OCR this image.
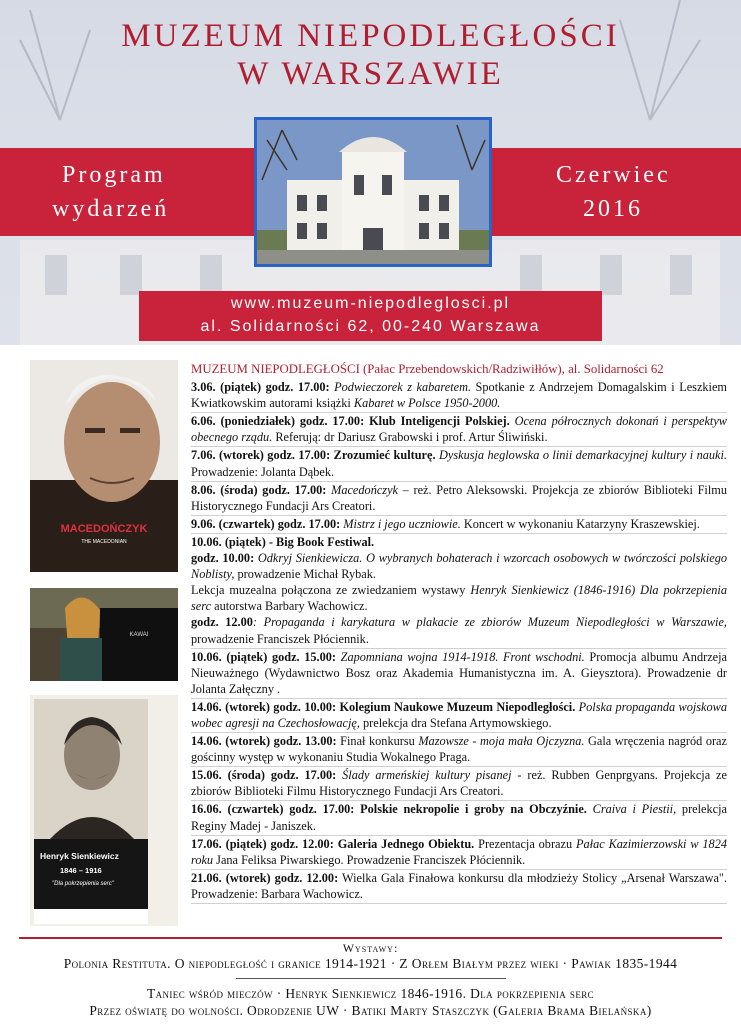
MUZEUM NIEPODLEGŁOŚCI
W WARSZAWIE
Program
wydarzeń
Czerwiec
2016
www.muzeum-niepodleglosci.pl
al. Solidarności 62, 00-240 Warszawa
MACEDOŃCZYK
THE MACEDONIAN
KAWAI
Henryk Sienkiewicz
1846 – 1916
"Dla pokrzepienia serc"
MUZEUM NIEPODLEGŁOŚCI (Pałac Przebendowskich/Radziwiłłów), al. Solidarności 62

3.06. (piątek) godz. 17.00: Podwieczorek z kabaretem. Spotkanie z Andrzejem Domagalskim i Leszkiem Kwiatkowskim autorami książki Kabaret w Polsce 1950-2000.

6.06. (poniedziałek) godz. 17.00: Klub Inteligencji Polskiej. Ocena półrocznych dokonań i perspektyw obecnego rządu. Referują: dr Dariusz Grabowski i prof. Artur Śliwiński.

7.06. (wtorek) godz. 17.00: Zrozumieć kulturę. Dyskusja heglowska o linii demarkacyjnej kultury i nauki. Prowadzenie: Jolanta Dąbek.

8.06. (środa) godz. 17.00: Macedończyk – reż. Petro Aleksowski. Projekcja ze zbiorów Biblioteki Filmu Historycznego Fundacji Ars Creatori.

9.06. (czwartek) godz. 17.00: Mistrz i jego uczniowie. Koncert w wykonaniu Katarzyny Kraszewskiej.

10.06. (piątek) - Big Book Festiwal.

godz. 10.00: Odkryj Sienkiewicza. O wybranych bohaterach i wzorcach osobowych w twórczości polskiego Noblisty, prowadzenie Michał Rybak.

Lekcja muzealna połączona ze zwiedzaniem wystawy Henryk Sienkiewicz (1846-1916) Dla pokrzepienia serc autorstwa Barbary Wachowicz.

godz. 12.00: Propaganda i karykatura w plakacie ze zbiorów Muzeum Niepodległości w Warszawie, prowadzenie Franciszek Płóciennik.

10.06. (piątek) godz. 15.00: Zapomniana wojna 1914-1918. Front wschodni. Promocja albumu Andrzeja Nieuważnego (Wydawnictwo Bosz oraz Akademia Humanistyczna im. A. Gieysztora). Prowadzenie dr Jolanta Załęczny .

14.06. (wtorek) godz. 10.00: Kolegium Naukowe Muzeum Niepodległości. Polska propaganda wojskowa wobec agresji na Czechosłowację, prelekcja dra Stefana Artymowskiego.

14.06. (wtorek) godz. 13.00: Finał konkursu Mazowsze - moja mała Ojczyzna. Gala wręczenia nagród oraz gościnny występ w wykonaniu Studia Wokalnego Praga.

15.06. (środa) godz. 17.00: Ślady armeńskiej kultury pisanej - reż. Rubben Genprgyans. Projekcja ze zbiorów Biblioteki Filmu Historycznego Fundacji Ars Creatori.

16.06. (czwartek) godz. 17.00: Polskie nekropolie i groby na Obczyźnie. Craiva i Piestii, prelekcja Reginy Madej - Janiszek.

17.06. (piątek) godz. 12.00: Galeria Jednego Obiektu. Prezentacja obrazu Pałac Kazimierzowski w 1824 roku Jana Feliksa Piwarskiego. Prowadzenie Franciszek Płóciennik.

21.06. (wtorek) godz. 12.00: Wielka Gala Finałowa konkursu dla młodzieży Stolicy „Arsenał Warszawa". Prowadzenie: Barbara Wachowicz.

Wystawy:
Polonia Restituta. O niepodległość i granice 1914-1921 · Z Orłem Białym przez wieki · Pawiak 1835-1944
Taniec wśród mieczów · Henryk Sienkiewicz 1846-1916. Dla pokrzepienia serc
Przez oświatę do wolności. Odrodzenie UW · Batiki Marty Staszczyk (Galeria Brama Bielańska)
